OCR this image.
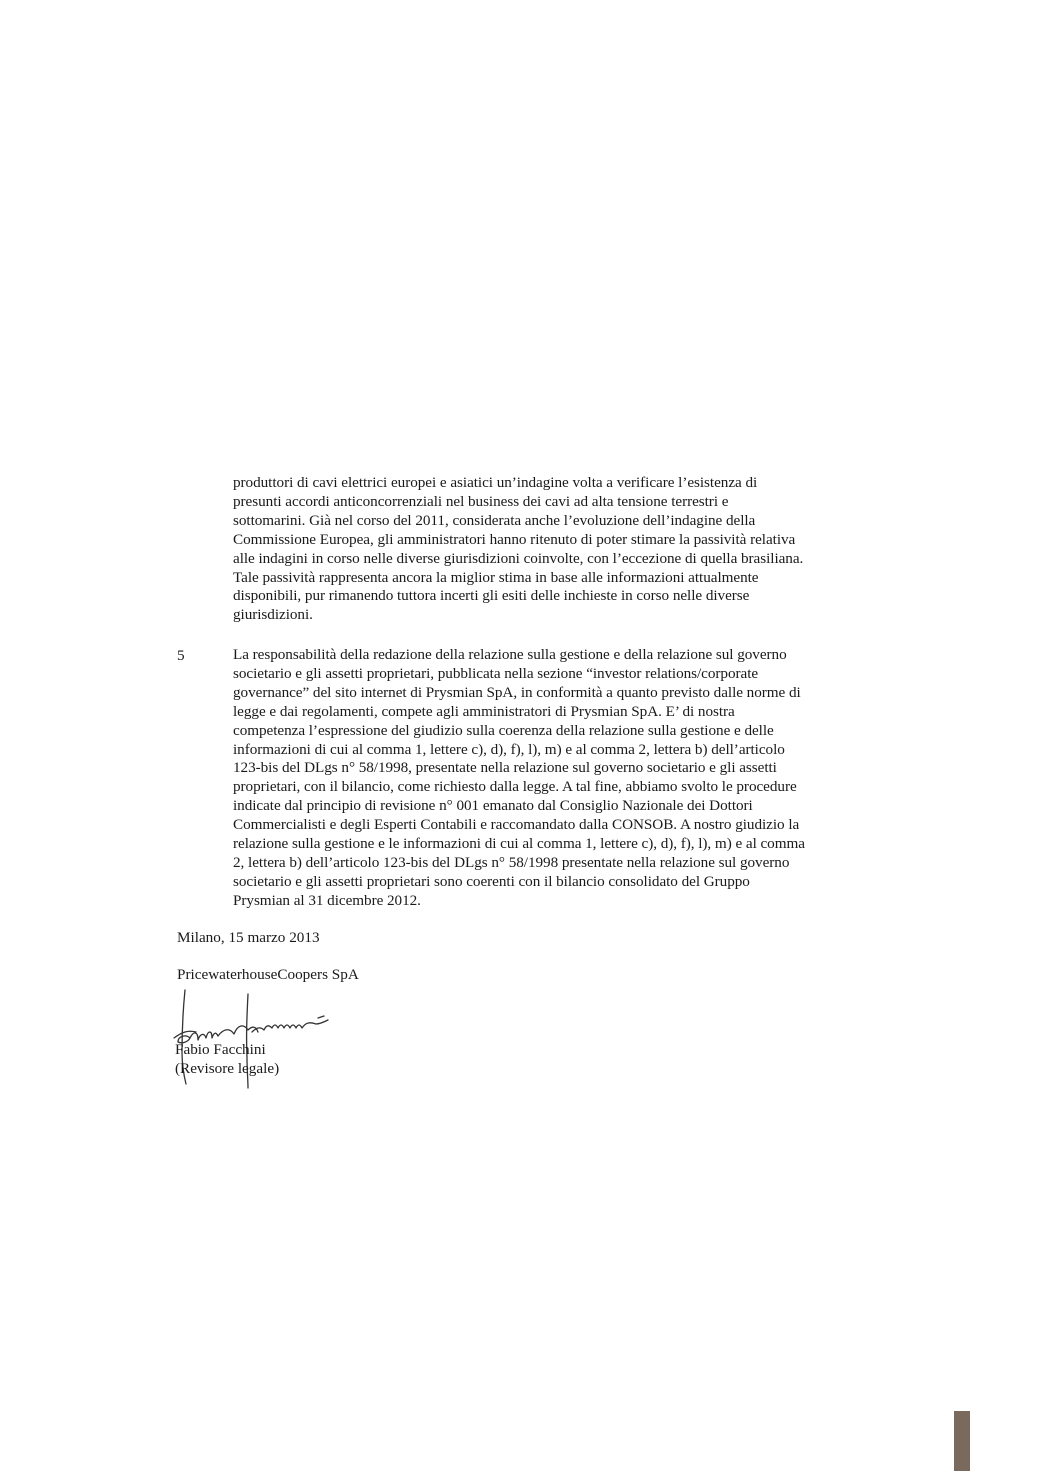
produttori di cavi elettrici europei e asiatici un’indagine volta a verificare l’esistenza di
presunti accordi anticoncorrenziali nel business dei cavi ad alta tensione terrestri e
sottomarini. Già nel corso del 2011, considerata anche l’evoluzione dell’indagine della
Commissione Europea, gli amministratori hanno ritenuto di poter stimare la passività relativa
alle indagini in corso nelle diverse giurisdizioni coinvolte, con l’eccezione di quella brasiliana.
Tale passività rappresenta ancora la miglior stima in base alle informazioni attualmente
disponibili, pur rimanendo tuttora incerti gli esiti delle inchieste in corso nelle diverse
giurisdizioni.
5	La responsabilità della redazione della relazione sulla gestione e della relazione sul governo
societario e gli assetti proprietari, pubblicata nella sezione “investor relations/corporate
governance” del sito internet di Prysmian SpA, in conformità a quanto previsto dalle norme di
legge e dai regolamenti, compete agli amministratori di Prysmian SpA. E’ di nostra
competenza l’espressione del giudizio sulla coerenza della relazione sulla gestione e delle
informazioni di cui al comma 1, lettere c), d), f), l), m) e al comma 2, lettera b) dell’articolo
123-bis del DLgs n° 58/1998, presentate nella relazione sul governo societario e gli assetti
proprietari, con il bilancio, come richiesto dalla legge. A tal fine, abbiamo svolto le procedure
indicate dal principio di revisione n° 001 emanato dal Consiglio Nazionale dei Dottori
Commercialisti e degli Esperti Contabili e raccomandato dalla CONSOB. A nostro giudizio la
relazione sulla gestione e le informazioni di cui al comma 1, lettere c), d), f), l), m) e al comma
2, lettera b) dell’articolo 123-bis del DLgs n° 58/1998 presentate nella relazione sul governo
societario e gli assetti proprietari sono coerenti con il bilancio consolidato del Gruppo
Prysmian al 31 dicembre 2012.
Milano, 15 marzo 2013
PricewaterhouseCoopers SpA
Fabio Facchini
(Revisore legale)
